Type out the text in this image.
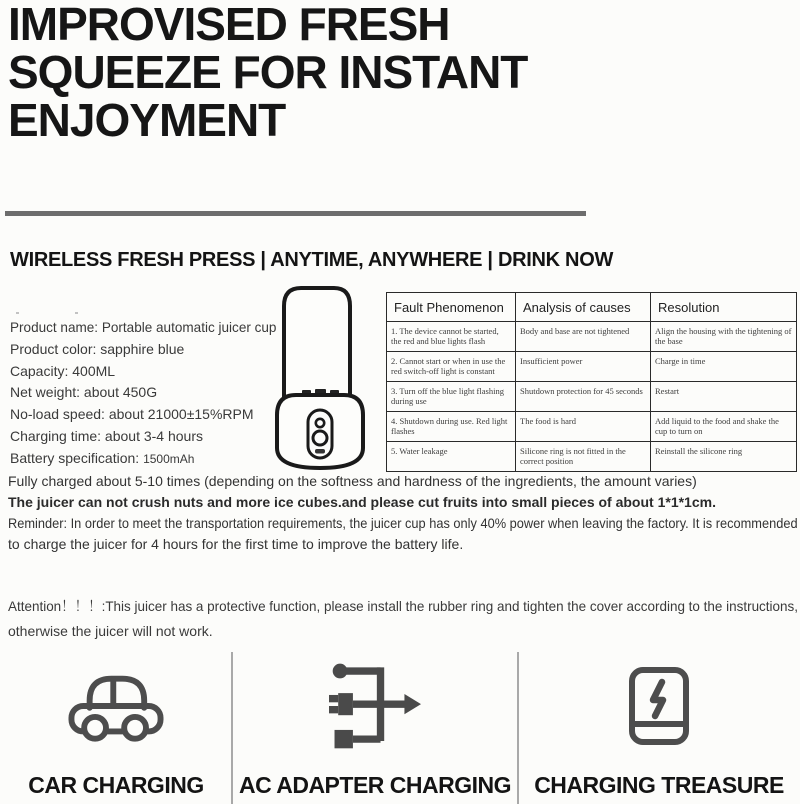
IMPROVISED FRESH
SQUEEZE FOR INSTANT
ENJOYMENT
WIRELESS FRESH PRESS | ANYTIME, ANYWHERE | DRINK NOW
Product name: Portable automatic juicer cup
Product color: sapphire blue
Capacity: 400ML
Net weight: about 450G
No-load speed: about 21000±15%RPM
Charging time: about 3-4 hours
Battery specification: 1500mAh
Fault Phenomenon	Analysis of causes	Resolution
1. The device cannot be started, the red and blue lights flash	Body and base are not tightened	Align the housing with the tightening of the base
2. Cannot start or when in use the red switch-off light is constant	Insufficient power	Charge in time
3. Turn off the blue light flashing during use	Shutdown protection for 45 seconds	Restart
4. Shutdown during use. Red light flashes	The food is hard	Add liquid to the food and shake the cup to turn on
5. Water leakage	Silicone ring is not fitted in the correct position	Reinstall the silicone ring

Fully charged about 5-10 times (depending on the softness and hardness of the ingredients, the amount varies)

The juicer can not crush nuts and more ice cubes.and please cut fruits into small pieces of about 1*1*1cm.

Reminder: In order to meet the transportation requirements, the juicer cup has only 40% power when leaving the factory. It is recommended

to charge the juicer for 4 hours for the first time to improve the battery life.

Attention！！！:This juicer has a protective function, please install the rubber ring and tighten the cover according to the instructions,

otherwise the juicer will not work.

CAR CHARGING AC ADAPTER CHARGING CHARGING TREASURE
